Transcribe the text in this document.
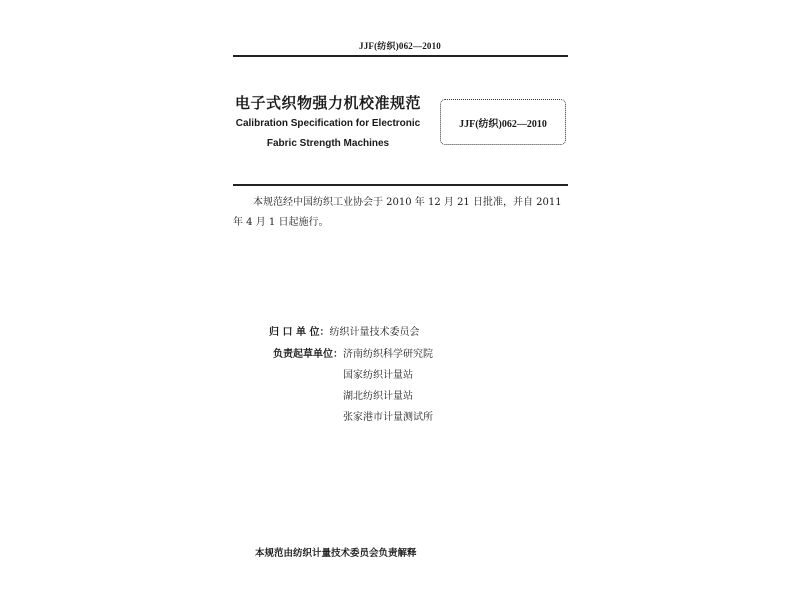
JJF(纺织)062—2010
电子式织物强力机校准规范
Calibration Specification for Electronic
Fabric Strength Machines
JJF(纺织)062—2010
本规范经中国纺织工业协会于 2010 年 12 月 21 日批准，并自 2011 年 4 月 1 日起施行。
归 口 单 位：纺织计量技术委员会
负责起草单位：济南纺织科学研究院
国家纺织计量站
湖北纺织计量站
张家港市计量测试所
本规范由纺织计量技术委员会负责解释
